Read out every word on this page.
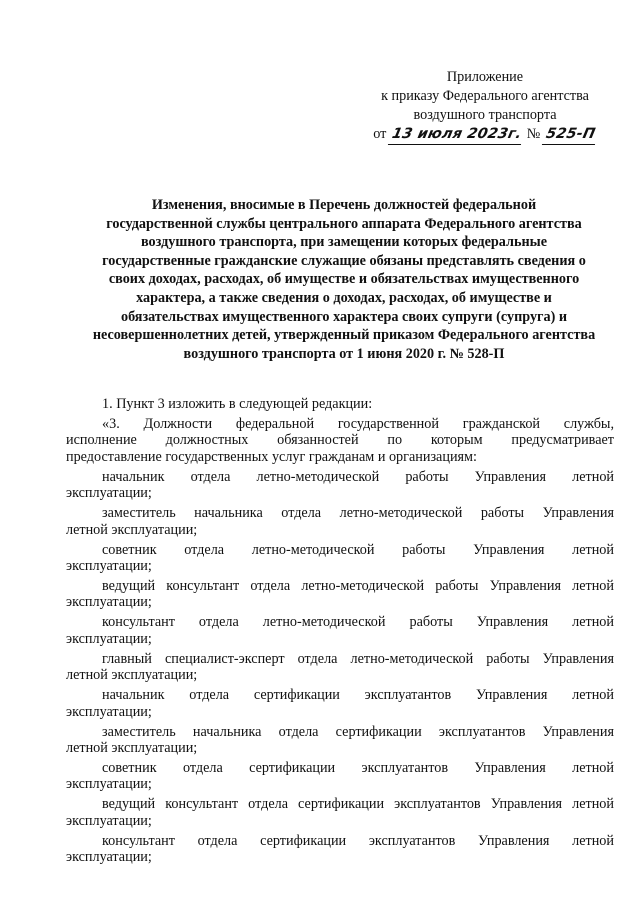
Приложение
к приказу Федерального агентства
воздушного транспорта
от 13 июля 2023г. № 525-П
Изменения, вносимые в Перечень должностей федеральной
государственной службы центрального аппарата Федерального агентства
воздушного транспорта, при замещении которых федеральные
государственные гражданские служащие обязаны представлять сведения о
своих доходах, расходах, об имуществе и обязательствах имущественного
характера, а также сведения о доходах, расходах, об имуществе и
обязательствах имущественного характера своих супруги (супруга) и
несовершеннолетних детей, утвержденный приказом Федерального агентства
воздушного транспорта от 1 июня 2020 г. № 528-П

1. Пункт 3 изложить в следующей редакции:

«3. Должности федеральной государственной гражданской службы,
исполнение должностных обязанностей по которым предусматривает
предоставление государственных услуг гражданам и организациям:

начальник отдела летно-методической работы Управления летной
эксплуатации;

заместитель начальника отдела летно-методической работы Управления
летной эксплуатации;

советник отдела летно-методической работы Управления летной
эксплуатации;

ведущий консультант отдела летно-методической работы Управления летной
эксплуатации;

консультант отдела летно-методической работы Управления летной
эксплуатации;

главный специалист-эксперт отдела летно-методической работы Управления
летной эксплуатации;

начальник отдела сертификации эксплуатантов Управления летной
эксплуатации;

заместитель начальника отдела сертификации эксплуатантов Управления
летной эксплуатации;

советник отдела сертификации эксплуатантов Управления летной
эксплуатации;

ведущий консультант отдела сертификации эксплуатантов Управления летной
эксплуатации;

консультант отдела сертификации эксплуатантов Управления летной
эксплуатации;
